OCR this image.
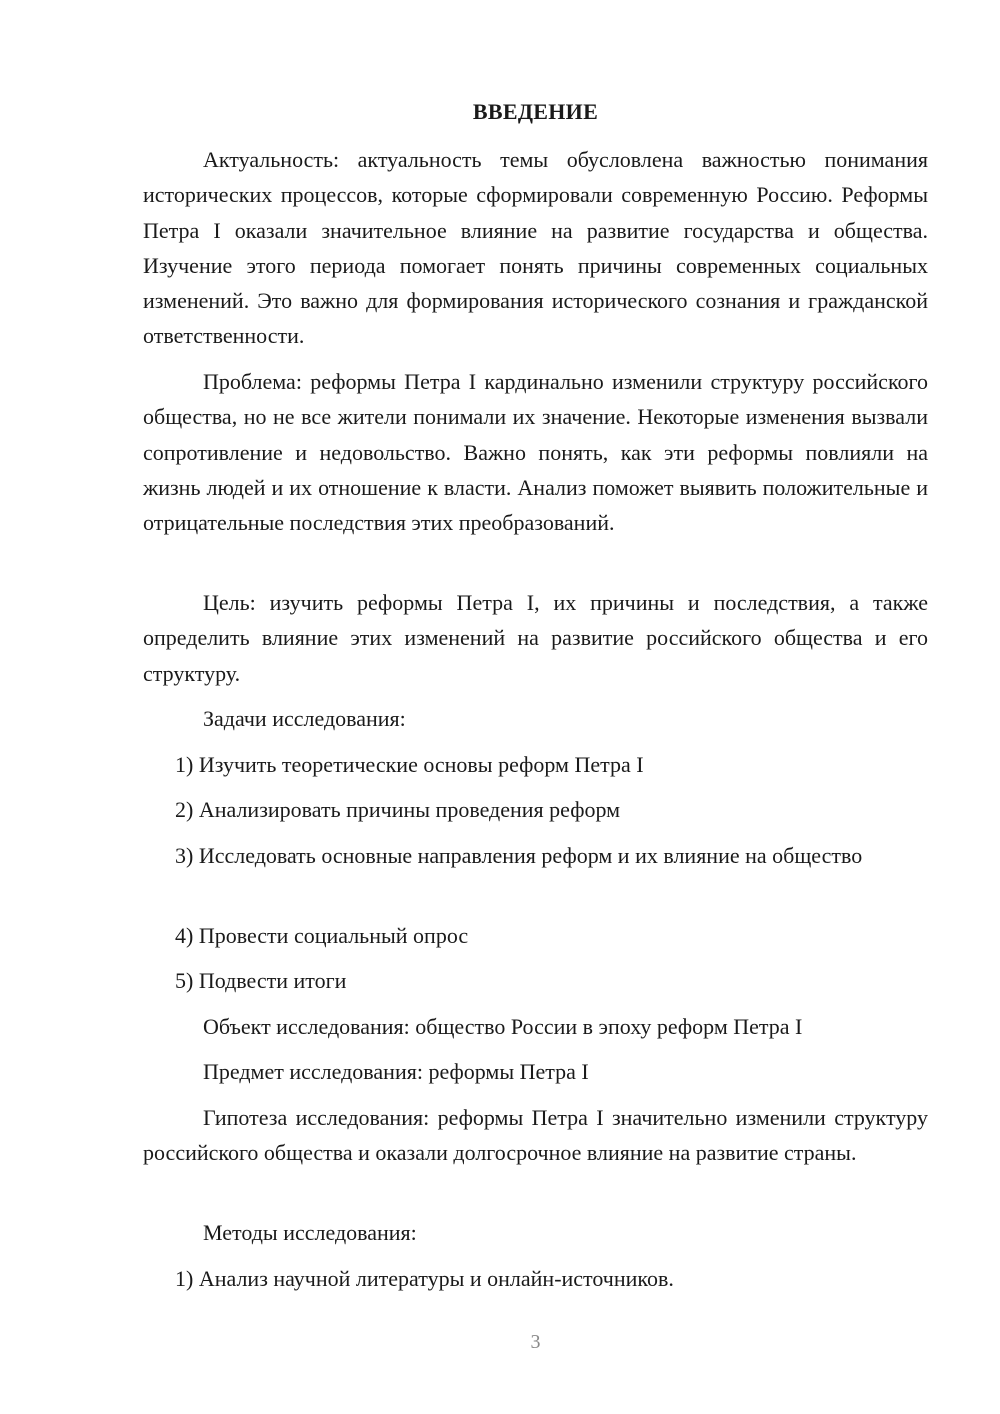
ВВЕДЕНИЕ

Актуальность: актуальность темы обусловлена важностью понимания исторических процессов, которые сформировали современную Россию. Реформы Петра I оказали значительное влияние на развитие государства и общества. Изучение этого периода помогает понять причины современных социальных изменений. Это важно для формирования исторического сознания и гражданской ответственности.

Проблема: реформы Петра I кардинально изменили структуру российского общества, но не все жители понимали их значение. Некоторые изменения вызвали сопротивление и недовольство. Важно понять, как эти реформы повлияли на жизнь людей и их отношение к власти. Анализ поможет выявить положительные и отрицательные последствия этих преобразований.

Цель: изучить реформы Петра I, их причины и последствия, а также определить влияние этих изменений на развитие российского общества и его структуру.

Задачи исследования:

1) Изучить теоретические основы реформ Петра I

2) Анализировать причины проведения реформ

3) Исследовать основные направления реформ и их влияние на общество

4) Провести социальный опрос

5) Подвести итоги

Объект исследования: общество России в эпоху реформ Петра I

Предмет исследования: реформы Петра I

Гипотеза исследования: реформы Петра I значительно изменили структуру российского общества и оказали долгосрочное влияние на развитие страны.

Методы исследования:

1) Анализ научной литературы и онлайн-источников.

3
